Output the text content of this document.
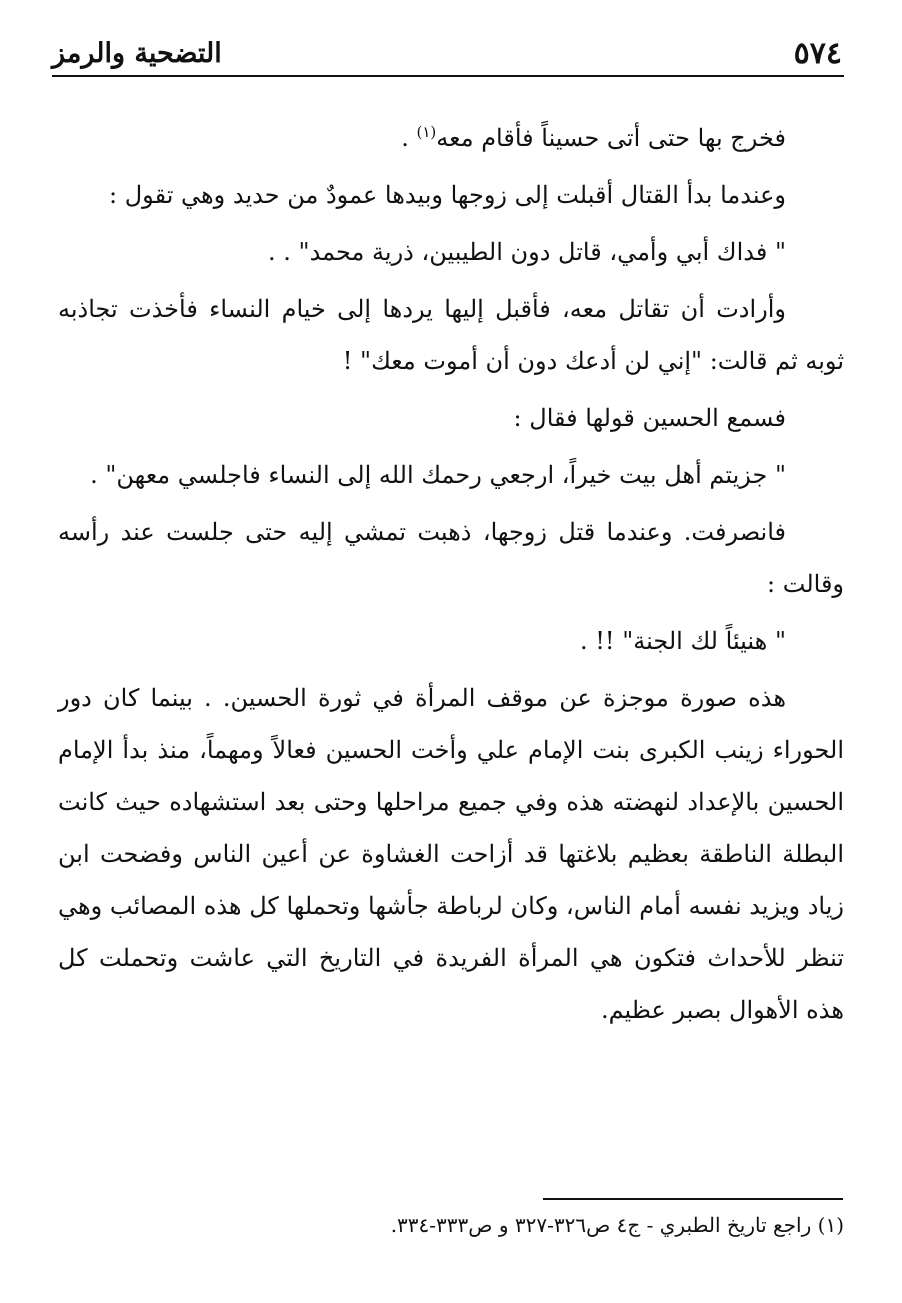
٥٧٤
التضحية والرمز

فخرج بها حتى أتى حسيناً فأقام معه$^{(١)}$ .

وعندما بدأ القتال أقبلت إلى زوجها وبيدها عمودٌ من حديد وهي تقول :

" فداك أبي وأمي، قاتل دون الطيبين، ذرية محمد" . .

وأرادت أن تقاتل معه، فأقبل إليها يردها إلى خيام النساء فأخذت تجاذبه ثوبه ثم قالت: "إني لن أدعك دون أن أموت معك" !

فسمع الحسين قولها فقال :

" جزيتم أهل بيت خيراً، ارجعي رحمك الله إلى النساء فاجلسي معهن" .

فانصرفت. وعندما قتل زوجها، ذهبت تمشي إليه حتى جلست عند رأسه وقالت :

" هنيئاً لك الجنة" !! .

هذه صورة موجزة عن موقف المرأة في ثورة الحسين. . بينما كان دور الحوراء زينب الكبرى بنت الإمام علي وأخت الحسين فعالاً ومهماً، منذ بدأ الإمام الحسين بالإعداد لنهضته هذه وفي جميع مراحلها وحتى بعد استشهاده حيث كانت البطلة الناطقة بعظيم بلاغتها قد أزاحت الغشاوة عن أعين الناس وفضحت ابن زياد ويزيد نفسه أمام الناس، وكان لرباطة جأشها وتحملها كل هذه المصائب وهي تنظر للأحداث فتكون هي المرأة الفريدة في التاريخ التي عاشت وتحملت كل هذه الأهوال بصبر عظيم.

(١) راجع تاريخ الطبري - ج٤ ص٣٢٦-٣٢٧ و ص٣٣٣-٣٣٤.
